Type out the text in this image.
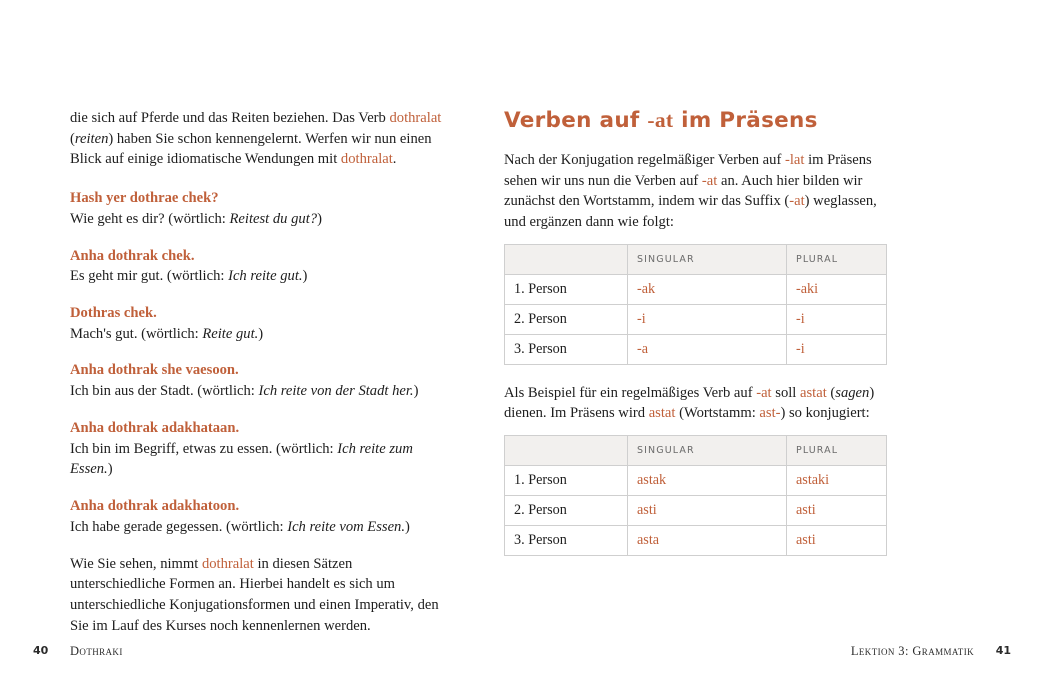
die sich auf Pferde und das Reiten beziehen. Das Verb dothralat (reiten) haben Sie schon kennengelernt. Werfen wir nun einen Blick auf einige idiomatische Wendungen mit dothralat.

Hash yer dothrae chek?

Wie geht es dir? (wörtlich: Reitest du gut?)

Anha dothrak chek.

Es geht mir gut. (wörtlich: Ich reite gut.)

Dothras chek.

Mach's gut. (wörtlich: Reite gut.)

Anha dothrak she vaesoon.

Ich bin aus der Stadt. (wörtlich: Ich reite von der Stadt her.)

Anha dothrak adakhataan.

Ich bin im Begriff, etwas zu essen. (wörtlich: Ich reite zum Essen.)

Anha dothrak adakhatoon.

Ich habe gerade gegessen. (wörtlich: Ich reite vom Essen.)

Wie Sie sehen, nimmt dothralat in diesen Sätzen unterschiedliche Formen an. Hierbei handelt es sich um unterschiedliche Konjugationsformen und einen Imperativ, den Sie im Lauf des Kurses noch kennenlernen werden.

Verben auf -at im Präsens

Nach der Konjugation regelmäßiger Verben auf -lat im Präsens sehen wir uns nun die Verben auf -at an. Auch hier bilden wir zunächst den Wortstamm, indem wir das Suffix (-at) weglassen, und ergänzen dann wie folgt:

	SINGULAR	PLURAL
1. Person	-ak	-aki
2. Person	-i	-i
3. Person	-a	-i

Als Beispiel für ein regelmäßiges Verb auf -at soll astat (sagen) dienen. Im Präsens wird astat (Wortstamm: ast-) so konjugiert:

	SINGULAR	PLURAL
1. Person	astak	astaki
2. Person	asti	asti
3. Person	asta	asti
40 Dothraki	Lektion 3: Grammatik 41
